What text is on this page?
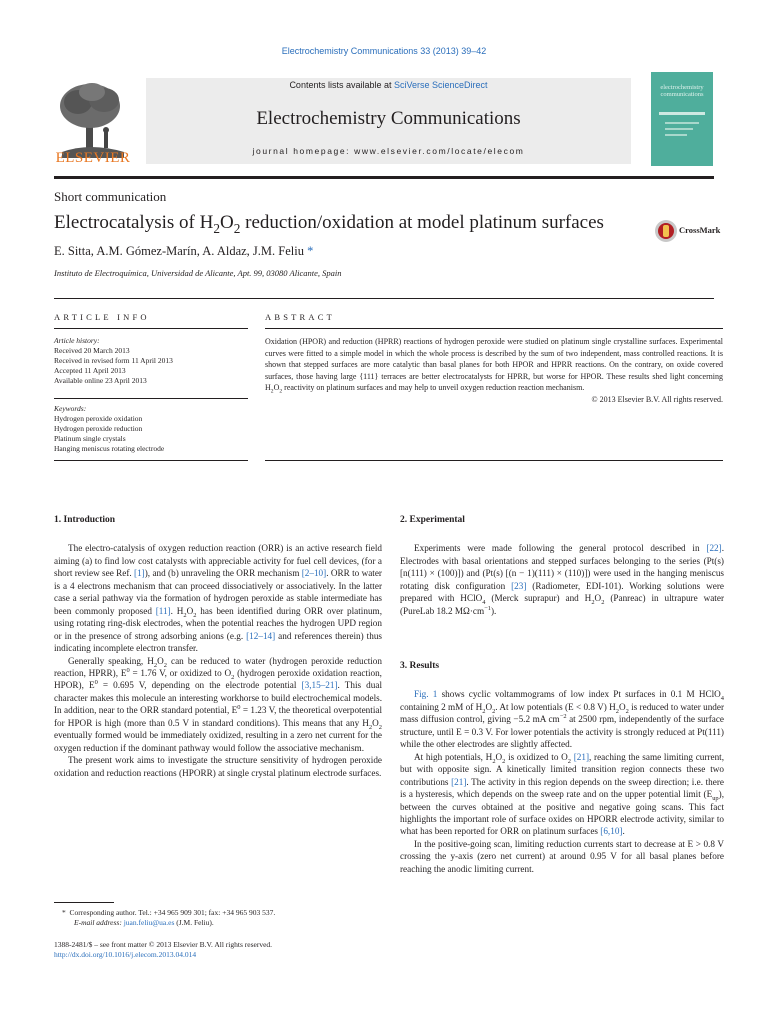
Electrochemistry Communications 33 (2013) 39–42
ELSEVIER
Contents lists available at SciVerse ScienceDirect
Electrochemistry Communications
journal homepage: www.elsevier.com/locate/elecom
electrochemistry communications
Short communication
Electrocatalysis of $H_2O_2$ reduction/oxidation at model platinum surfaces	CrossMark
E. Sitta, A.M. Gómez-Marín, A. Aldaz, J.M. Feliu *
Instituto de Electroquímica, Universidad de Alicante, Apt. 99, 03080 Alicante, Spain
ARTICLE INFO	ABSTRACT
Article history:
Received 20 March 2013
Received in revised form 11 April 2013
Accepted 11 April 2013
Available online 23 April 2013
Keywords:
Hydrogen peroxide oxidation
Hydrogen peroxide reduction
Platinum single crystals
Hanging meniscus rotating electrode
Oxidation (HPOR) and reduction (HPRR) reactions of hydrogen peroxide were studied on platinum single crystalline surfaces. Experimental curves were fitted to a simple model in which the whole process is described by the sum of two independent, mass controlled reactions. It is shown that stepped surfaces are more catalytic than basal planes for both HPOR and HPRR reactions. On the contrary, on oxide covered surfaces, those having large {111} terraces are better electrocatalysts for HPRR, but worse for HPOR. These results shed light concerning $H_2O_2$ reactivity on platinum surfaces and may help to unveil oxygen reduction reaction mechanism.
© 2013 Elsevier B.V. All rights reserved.
1. Introduction

The electro-catalysis of oxygen reduction reaction (ORR) is an active research field aiming (a) to find low cost catalysts with appreciable activity for fuel cell devices, (for a short review see Ref. [1]), and (b) unraveling the ORR mechanism [2–10]. ORR to water is a 4 electrons mechanism that can proceed dissociatively or associatively. In the latter case a serial pathway via the formation of hydrogen peroxide as stable intermediate has been commonly proposed [11]. $H_2O_2$ has been identified during ORR over platinum, using rotating ring-disk electrodes, when the potential reaches the hydrogen UPD region or in the presence of strong adsorbing anions (e.g. [12–14] and references therein) thus indicating incomplete electron transfer.

Generally speaking, $H_2O_2$ can be reduced to water (hydrogen peroxide reduction reaction, HPRR), $E^0 = 1.76$ V, or oxidized to $O_2$ (hydrogen peroxide oxidation reaction, HPOR), $E^0 = 0.695$ V, depending on the electrode potential [3,15–21]. This dual character makes this molecule an interesting workhorse to build electrochemical models. In addition, near to the ORR standard potential, $E^0 = 1.23$ V, the theoretical overpotential for HPOR is high (more than 0.5 V in standard conditions). This means that any $H_2O_2$ eventually formed would be immediately oxidized, resulting in a zero net current for the oxygen reduction if the dominant pathway would follow the associative mechanism.

The present work aims to investigate the structure sensitivity of hydrogen peroxide oxidation and reduction reactions (HPORR) at single crystal platinum electrode surfaces.

* Corresponding author. Tel.: +34 965 909 301; fax: +34 965 903 537.
E-mail address: juan.feliu@ua.es (J.M. Feliu).
1388-2481/$ – see front matter © 2013 Elsevier B.V. All rights reserved.
http://dx.doi.org/10.1016/j.elecom.2013.04.014
2. Experimental

Experiments were made following the general protocol described in [22]. Electrodes with basal orientations and stepped surfaces belonging to the series (Pt(s) [n(111) × (100)]) and (Pt(s) [(n − 1)(111) × (110)]) were used in the hanging meniscus rotating disk configuration [23] (Radiometer, EDI-101). Working solutions were prepared with HClO$_4$ (Merck suprapur) and $H_2O_2$ (Panreac) in ultrapure water (PureLab 18.2 $M\Omega\cdot cm^{-1}$).

3. Results

Fig. 1 shows cyclic voltammograms of low index Pt surfaces in 0.1 M HClO$_4$ containing 2 mM of $H_2O_2$. At low potentials (E < 0.8 V) $H_2O_2$ is reduced to water under mass diffusion control, giving −5.2 mA $cm^{-2}$ at 2500 rpm, independently of the surface structure, until E = 0.3 V. For lower potentials the activity is strongly reduced at Pt(111) while the other electrodes are slightly affected.

At high potentials, $H_2O_2$ is oxidized to $O_2$ [21], reaching the same limiting current, but with opposite sign. A kinetically limited transition region connects these two contributions [21]. The activity in this region depends on the sweep direction; i.e. there is a hysteresis, which depends on the sweep rate and on the upper potential limit $(E_{up})$, between the curves obtained at the positive and negative going scans. This fact highlights the important role of surface oxides on HPORR electrode activity, similar to what has been reported for ORR on platinum surfaces [6,10].

In the positive-going scan, limiting reduction currents start to decrease at E > 0.8 V crossing the y-axis (zero net current) at around 0.95 V for all basal planes before reaching the anodic limiting current.
